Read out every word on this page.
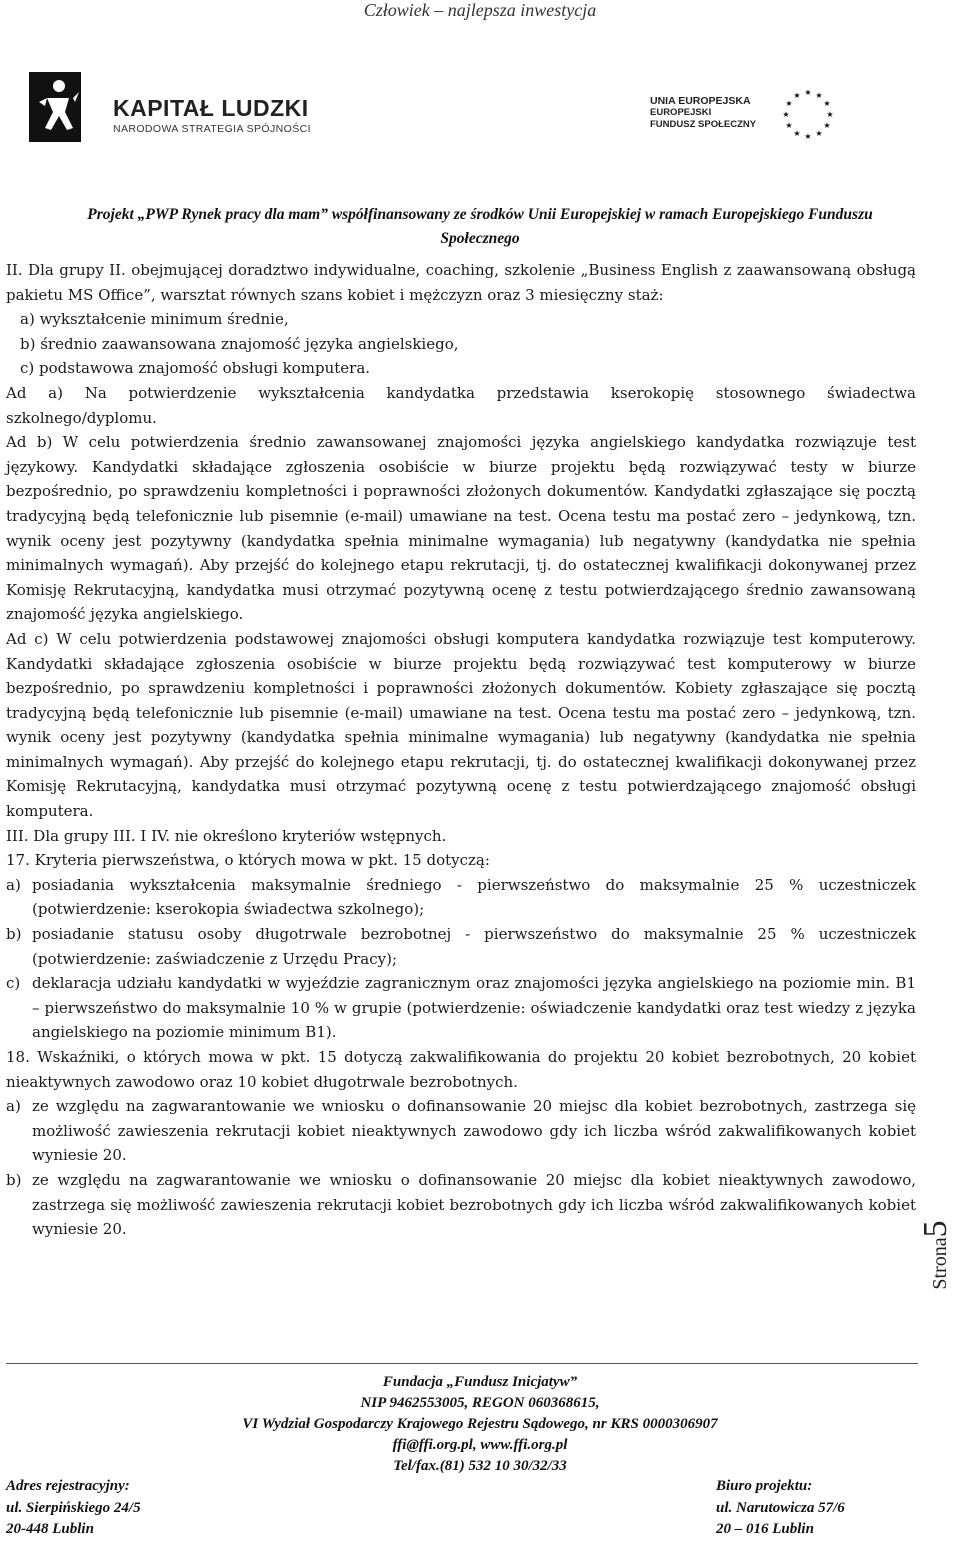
Człowiek – najlepsza inwestycja
KAPITAŁ LUDZKI
NARODOWA STRATEGIA SPÓJNOŚCI
UNIA EUROPEJSKA
EUROPEJSKI
FUNDUSZ SPOŁECZNY
★ ★
★
★
★
★
★
★
★
★
★
★
Projekt „PWP Rynek pracy dla mam” współfinansowany ze środków Unii Europejskiej w ramach Europejskiego Funduszu
Społecznego

II. Dla grupy II. obejmującej doradztwo indywidualne, coaching, szkolenie „Business English z zaawansowaną obsługą pakietu MS Office”, warsztat równych szans kobiet i mężczyzn oraz 3 miesięczny staż:

a) wykształcenie minimum średnie,

b) średnio zaawansowana znajomość języka angielskiego,

c) podstawowa znajomość obsługi komputera.

Ad a) Na potwierdzenie wykształcenia kandydatka przedstawia kserokopię stosownego świadectwa szkolnego/dyplomu.

Ad b) W celu potwierdzenia średnio zawansowanej znajomości języka angielskiego kandydatka rozwiązuje test językowy. Kandydatki składające zgłoszenia osobiście w biurze projektu będą rozwiązywać testy w biurze bezpośrednio, po sprawdzeniu kompletności i poprawności złożonych dokumentów. Kandydatki zgłaszające się pocztą tradycyjną będą telefonicznie lub pisemnie (e-mail) umawiane na test. Ocena testu ma postać zero – jedynkową, tzn. wynik oceny jest pozytywny (kandydatka spełnia minimalne wymagania) lub negatywny (kandydatka nie spełnia minimalnych wymagań). Aby przejść do kolejnego etapu rekrutacji, tj. do ostatecznej kwalifikacji dokonywanej przez Komisję Rekrutacyjną, kandydatka musi otrzymać pozytywną ocenę z testu potwierdzającego średnio zawansowaną znajomość języka angielskiego.

Ad c) W celu potwierdzenia podstawowej znajomości obsługi komputera kandydatka rozwiązuje test komputerowy. Kandydatki składające zgłoszenia osobiście w biurze projektu będą rozwiązywać test komputerowy w biurze bezpośrednio, po sprawdzeniu kompletności i poprawności złożonych dokumentów. Kobiety zgłaszające się pocztą tradycyjną będą telefonicznie lub pisemnie (e-mail) umawiane na test. Ocena testu ma postać zero – jedynkową, tzn. wynik oceny jest pozytywny (kandydatka spełnia minimalne wymagania) lub negatywny (kandydatka nie spełnia minimalnych wymagań). Aby przejść do kolejnego etapu rekrutacji, tj. do ostatecznej kwalifikacji dokonywanej przez Komisję Rekrutacyjną, kandydatka musi otrzymać pozytywną ocenę z testu potwierdzającego znajomość obsługi komputera.

III. Dla grupy III. I IV. nie określono kryteriów wstępnych.

17. Kryteria pierwszeństwa, o których mowa w pkt. 15 dotyczą:

a) posiadania wykształcenia maksymalnie średniego - pierwszeństwo do maksymalnie 25 % uczestniczek (potwierdzenie: kserokopia świadectwa szkolnego);
b) posiadanie statusu osoby długotrwale bezrobotnej - pierwszeństwo do maksymalnie 25 % uczestniczek (potwierdzenie: zaświadczenie z Urzędu Pracy);
c) deklaracja udziału kandydatki w wyjeździe zagranicznym oraz znajomości języka angielskiego na poziomie min. B1 – pierwszeństwo do maksymalnie 10 % w grupie (potwierdzenie: oświadczenie kandydatki oraz test wiedzy z języka angielskiego na poziomie minimum B1).

18. Wskaźniki, o których mowa w pkt. 15 dotyczą zakwalifikowania do projektu 20 kobiet bezrobotnych, 20 kobiet nieaktywnych zawodowo oraz 10 kobiet długotrwale bezrobotnych.

a) ze względu na zagwarantowanie we wniosku o dofinansowanie 20 miejsc dla kobiet bezrobotnych, zastrzega się możliwość zawieszenia rekrutacji kobiet nieaktywnych zawodowo gdy ich liczba wśród zakwalifikowanych kobiet wyniesie 20.
b) ze względu na zagwarantowanie we wniosku o dofinansowanie 20 miejsc dla kobiet nieaktywnych zawodowo, zastrzega się możliwość zawieszenia rekrutacji kobiet bezrobotnych gdy ich liczba wśród zakwalifikowanych kobiet wyniesie 20.
Strona5
Fundacja „Fundusz Inicjatyw”
NIP 9462553005, REGON 060368615,
VI Wydział Gospodarczy Krajowego Rejestru Sądowego, nr KRS 0000306907
ffi@ffi.org.pl, www.ffi.org.pl
Tel/fax.(81) 532 10 30/32/33
Adres rejestracyjny:
ul. Sierpińskiego 24/5
20-448 Lublin
Biuro projektu:
ul. Narutowicza 57/6
20 – 016 Lublin
